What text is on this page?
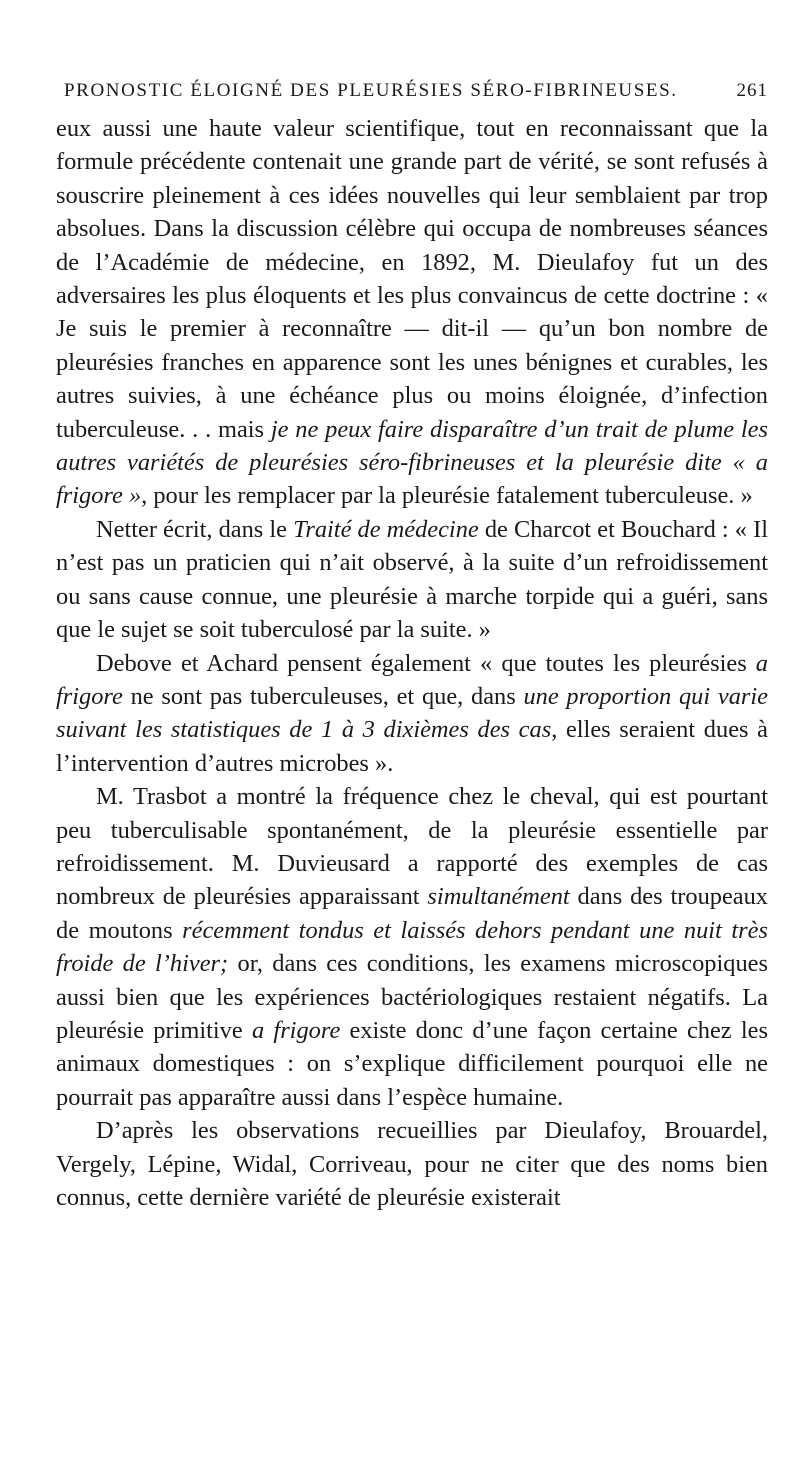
PRONOSTIC ÉLOIGNÉ DES PLEURÉSIES SÉRO-FIBRINEUSES.	261

eux aussi une haute valeur scientifique, tout en reconnaissant que la formule précédente contenait une grande part de vérité, se sont refusés à souscrire pleinement à ces idées nouvelles qui leur semblaient par trop absolues. Dans la discussion célèbre qui occupa de nombreuses séances de l’Académie de médecine, en 1892, M. Dieulafoy fut un des adversaires les plus éloquents et les plus convaincus de cette doctrine : « Je suis le premier à reconnaître — dit-il — qu’un bon nombre de pleurésies franches en apparence sont les unes bénignes et curables, les autres suivies, à une échéance plus ou moins éloignée, d’infection tuberculeuse. . . mais je ne peux faire disparaître d’un trait de plume les autres variétés de pleurésies séro-fibrineuses et la pleurésie dite « a frigore », pour les remplacer par la pleurésie fatalement tuberculeuse. »

Netter écrit, dans le Traité de médecine de Charcot et Bouchard : « Il n’est pas un praticien qui n’ait observé, à la suite d’un refroidissement ou sans cause connue, une pleurésie à marche torpide qui a guéri, sans que le sujet se soit tuberculosé par la suite. »

Debove et Achard pensent également « que toutes les pleurésies a frigore ne sont pas tuberculeuses, et que, dans une proportion qui varie suivant les statistiques de 1 à 3 dixièmes des cas, elles seraient dues à l’intervention d’autres microbes ».

M. Trasbot a montré la fréquence chez le cheval, qui est pourtant peu tuberculisable spontanément, de la pleurésie essentielle par refroidissement. M. Duvieusard a rapporté des exemples de cas nombreux de pleurésies apparaissant simultanément dans des troupeaux de moutons récemment tondus et laissés dehors pendant une nuit très froide de l’hiver; or, dans ces conditions, les examens microscopiques aussi bien que les expériences bactériologiques restaient négatifs. La pleurésie primitive a frigore existe donc d’une façon certaine chez les animaux domestiques : on s’explique difficilement pourquoi elle ne pourrait pas apparaître aussi dans l’espèce humaine.

D’après les observations recueillies par Dieulafoy, Brouardel, Vergely, Lépine, Widal, Corriveau, pour ne citer que des noms bien connus, cette dernière variété de pleurésie existerait
